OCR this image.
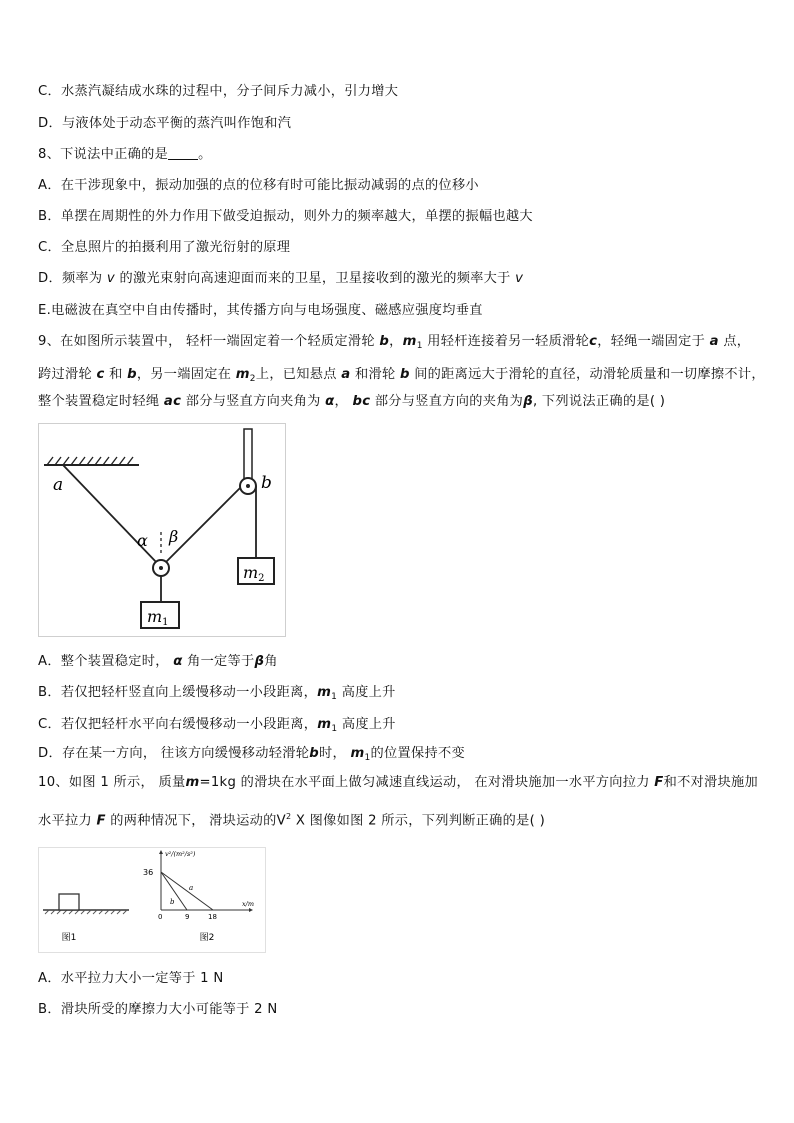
C．水蒸汽凝结成水珠的过程中，分子间斥力减小，引力增大
D．与液体处于动态平衡的蒸汽叫作饱和汽
8、下说法中正确的是 。
A．在干涉现象中，振动加强的点的位移有时可能比振动减弱的点的位移小
B．单摆在周期性的外力作用下做受迫振动，则外力的频率越大，单摆的振幅也越大
C．全息照片的拍摄利用了激光衍射的原理
D．频率为 v 的激光束射向高速迎面而来的卫星，卫星接收到的激光的频率大于 v
E.电磁波在真空中自由传播时，其传播方向与电场强度、磁感应强度均垂直
9、在如图所示装置中， 轻杆一端固定着一个轻质定滑轮 b，$m_1$ 用轻杆连接着另一轻质滑轮c，轻绳一端固定于 a 点，
跨过滑轮 c 和 b，另一端固定在 $m_2$上，已知悬点 a 和滑轮 b 间的距离远大于滑轮的直径，动滑轮质量和一切摩擦不计，
整个装置稳定时轻绳 ac 部分与竖直方向夹角为 α， bc 部分与竖直方向的夹角为β, 下列说法正确的是( )
a	b
α β
m1
m2
A．整个装置稳定时， α 角一定等于β角
B．若仅把轻杆竖直向上缓慢移动一小段距离，$m_1$ 高度上升
C．若仅把轻杆水平向右缓慢移动一小段距离，$m_1$ 高度上升
D．存在某一方向， 往该方向缓慢移动轻滑轮b时， $m_1$的位置保持不变
10、如图 1 所示， 质量m=1kg 的滑块在水平面上做匀减速直线运动， 在对滑块施加一水平方向拉力 F和不对滑块施加
水平拉力 F 的两种情况下， 滑块运动的$V^2$ X 图像如图 2 所示，下列判断正确的是( )
图1
v²/(m²/s²)
x/m
36
0	9	18
a
b
图2
A．水平拉力大小一定等于 1 N
B．滑块所受的摩擦力大小可能等于 2 N
